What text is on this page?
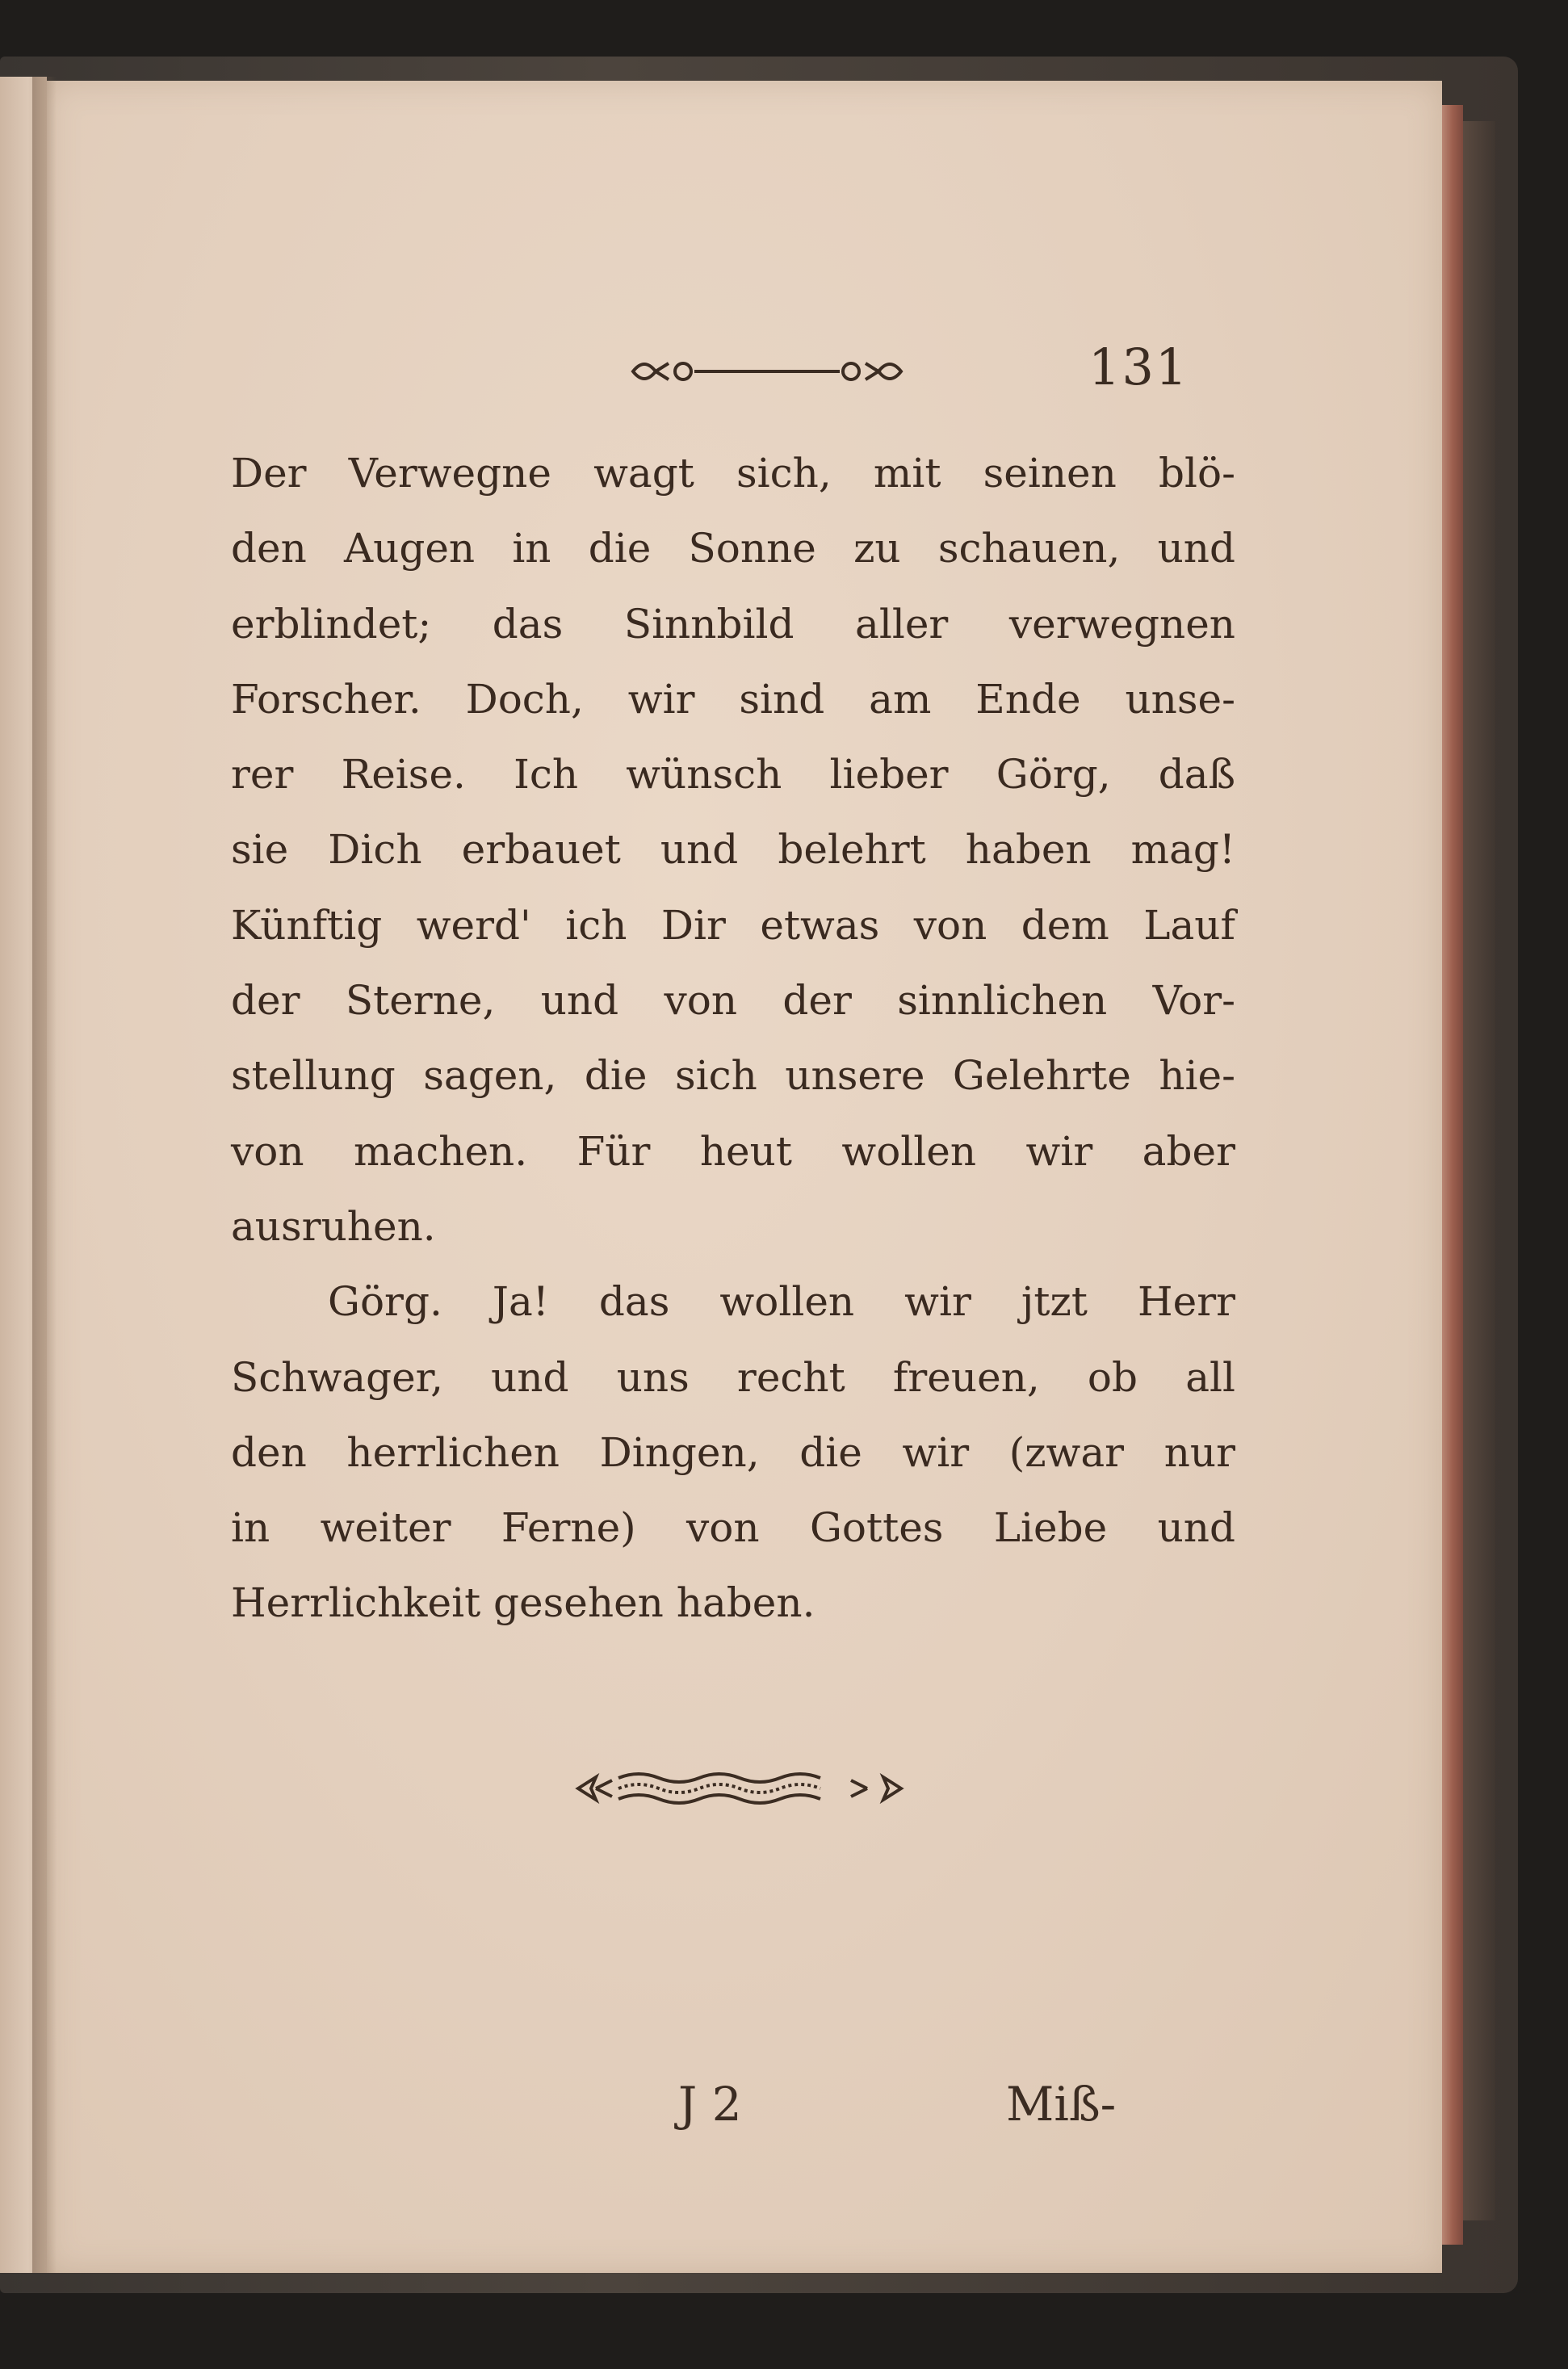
131
Der Verwegne wagt sich, mit seinen blö-
den Augen in die Sonne zu schauen, und
erblindet; das Sinnbild aller verwegnen
Forscher. Doch, wir sind am Ende unse-
rer Reise. Ich wünsch lieber Görg, daß
sie Dich erbauet und belehrt haben mag!
Künftig werd' ich Dir etwas von dem Lauf
der Sterne, und von der sinnlichen Vor-
stellung sagen, die sich unsere Gelehrte hie-
von machen. Für heut wollen wir aber
ausruhen.
Görg. Ja! das wollen wir jtzt Herr
Schwager, und uns recht freuen, ob all
den herrlichen Dingen, die wir (zwar nur
in weiter Ferne) von Gottes Liebe und
Herrlichkeit gesehen haben.
J 2	Miß-
